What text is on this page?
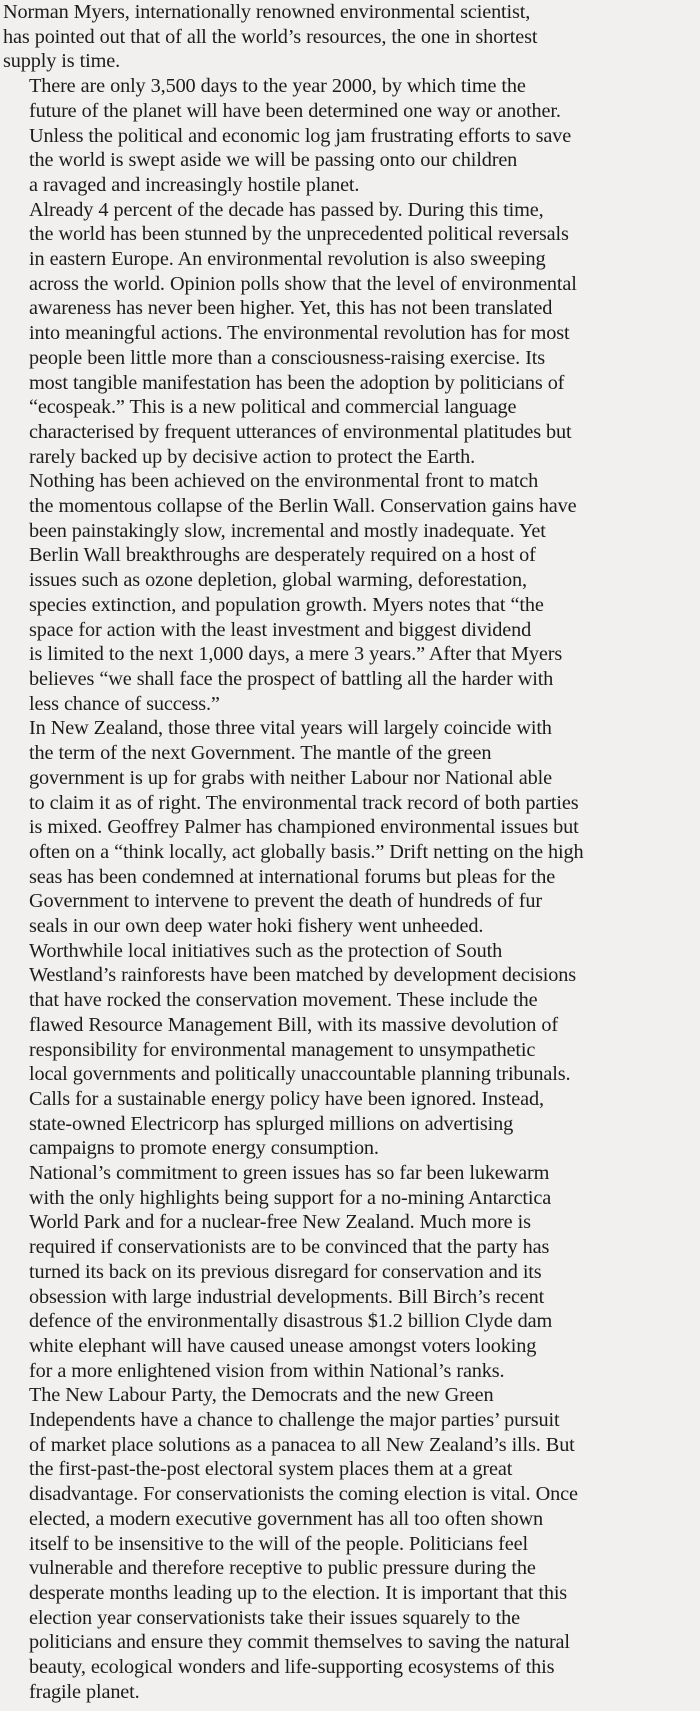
Norman Myers, internationally renowned environmental scientist,
has pointed out that of all the world’s resources, the one in shortest
supply is time.

There are only 3,500 days to the year 2000, by which time the
future of the planet will have been determined one way or another.
Unless the political and economic log jam frustrating efforts to save
the world is swept aside we will be passing onto our children
a ravaged and increasingly hostile planet.

Already 4 percent of the decade has passed by. During this time,
the world has been stunned by the unprecedented political reversals
in eastern Europe. An environmental revolution is also sweeping
across the world. Opinion polls show that the level of environmental
awareness has never been higher. Yet, this has not been translated
into meaningful actions. The environmental revolution has for most
people been little more than a consciousness-raising exercise. Its
most tangible manifestation has been the adoption by politicians of
“ecospeak.” This is a new political and commercial language
characterised by frequent utterances of environmental platitudes but
rarely backed up by decisive action to protect the Earth.

Nothing has been achieved on the environmental front to match
the momentous collapse of the Berlin Wall. Conservation gains have
been painstakingly slow, incremental and mostly inadequate. Yet
Berlin Wall breakthroughs are desperately required on a host of
issues such as ozone depletion, global warming, deforestation,
species extinction, and population growth. Myers notes that “the
space for action with the least investment and biggest dividend
is limited to the next 1,000 days, a mere 3 years.” After that Myers
believes “we shall face the prospect of battling all the harder with
less chance of success.”

In New Zealand, those three vital years will largely coincide with
the term of the next Government. The mantle of the green
government is up for grabs with neither Labour nor National able
to claim it as of right. The environmental track record of both parties
is mixed. Geoffrey Palmer has championed environmental issues but
often on a “think locally, act globally basis.” Drift netting on the high
seas has been condemned at international forums but pleas for the
Government to intervene to prevent the death of hundreds of fur
seals in our own deep water hoki fishery went unheeded.
Worthwhile local initiatives such as the protection of South
Westland’s rainforests have been matched by development decisions
that have rocked the conservation movement. These include the
flawed Resource Management Bill, with its massive devolution of
responsibility for environmental management to unsympathetic
local governments and politically unaccountable planning tribunals.
Calls for a sustainable energy policy have been ignored. Instead,
state-owned Electricorp has splurged millions on advertising
campaigns to promote energy consumption.

National’s commitment to green issues has so far been lukewarm
with the only highlights being support for a no-mining Antarctica
World Park and for a nuclear-free New Zealand. Much more is
required if conservationists are to be convinced that the party has
turned its back on its previous disregard for conservation and its
obsession with large industrial developments. Bill Birch’s recent
defence of the environmentally disastrous $1.2 billion Clyde dam
white elephant will have caused unease amongst voters looking
for a more enlightened vision from within National’s ranks.

The New Labour Party, the Democrats and the new Green
Independents have a chance to challenge the major parties’ pursuit
of market place solutions as a panacea to all New Zealand’s ills. But
the first-past-the-post electoral system places them at a great
disadvantage. For conservationists the coming election is vital. Once
elected, a modern executive government has all too often shown
itself to be insensitive to the will of the people. Politicians feel
vulnerable and therefore receptive to public pressure during the
desperate months leading up to the election. It is important that this
election year conservationists take their issues squarely to the
politicians and ensure they commit themselves to saving the natural
beauty, ecological wonders and life-supporting ecosystems of this
fragile planet.
